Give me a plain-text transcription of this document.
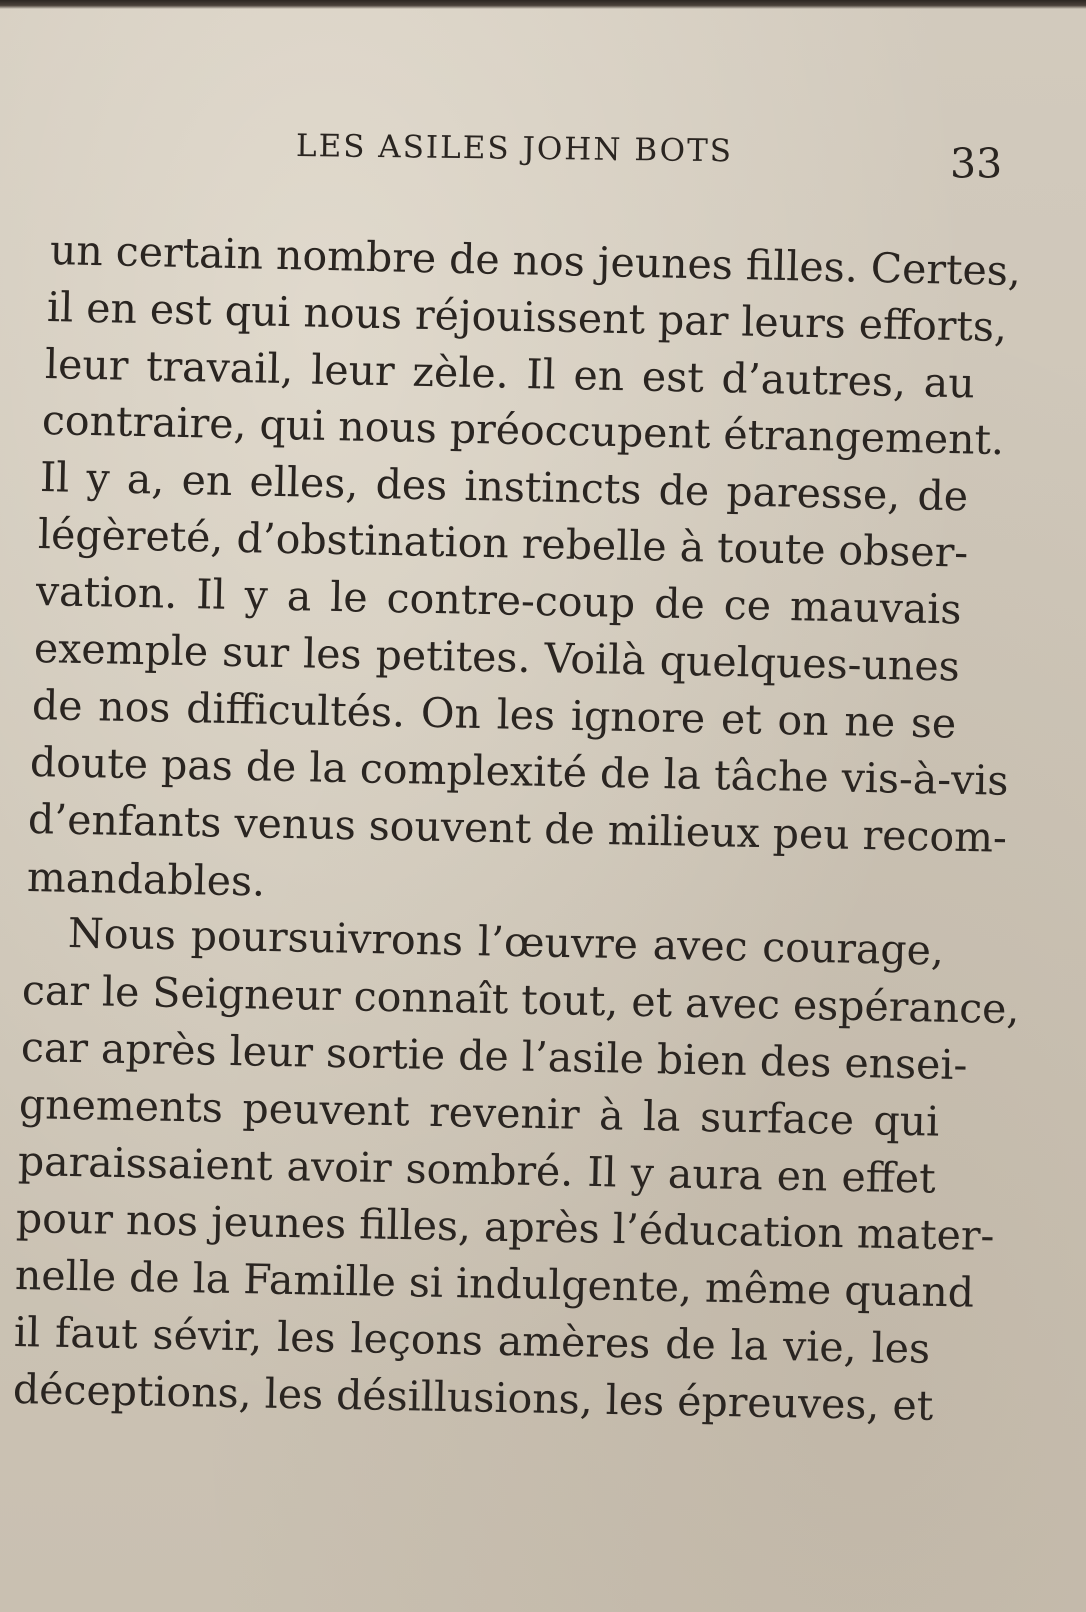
LES ASILES JOHN BOTS	33
un certain nombre de nos jeunes filles. Certes,
il en est qui nous réjouissent par leurs efforts,
leur travail, leur zèle. Il en est d’autres, au
contraire, qui nous préoccupent étrangement.
Il y a, en elles, des instincts de paresse, de
légèreté, d’obstination rebelle à toute obser-
vation. Il y a le contre-coup de ce mauvais
exemple sur les petites. Voilà quelques-unes
de nos difficultés. On les ignore et on ne se
doute pas de la complexité de la tâche vis-à-vis
d’enfants venus souvent de milieux peu recom-
mandables.
Nous poursuivrons l’œuvre avec courage,
car le Seigneur connaît tout, et avec espérance,
car après leur sortie de l’asile bien des ensei-
gnements peuvent revenir à la surface qui
paraissaient avoir sombré. Il y aura en effet
pour nos jeunes filles, après l’éducation mater-
nelle de la Famille si indulgente, même quand
il faut sévir, les leçons amères de la vie, les
déceptions, les désillusions, les épreuves, et
